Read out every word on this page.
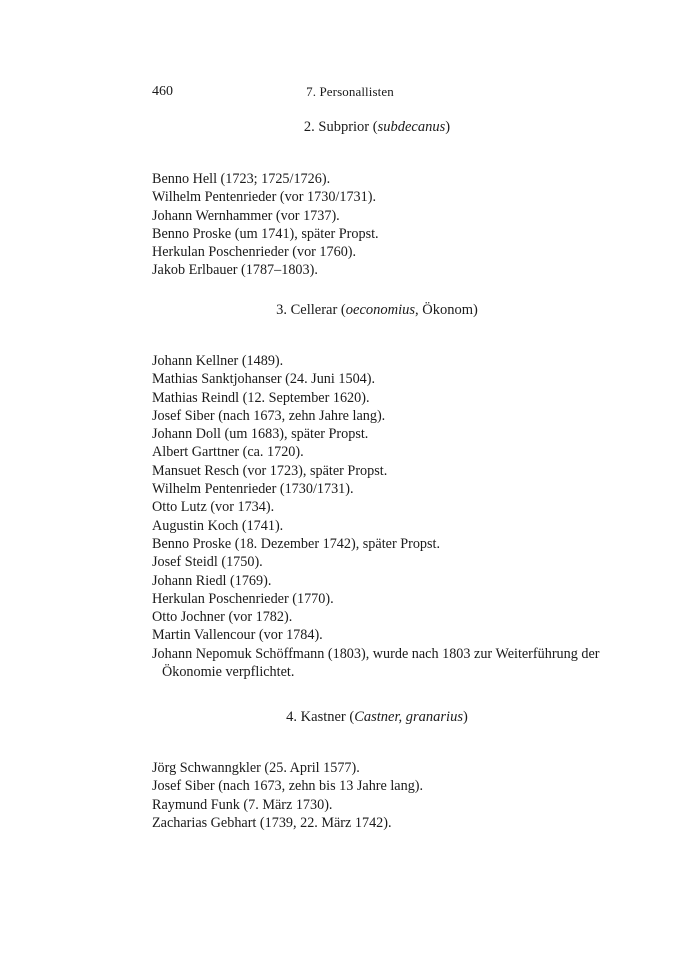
460	7. Personallisten
2. Subprior (subdecanus)
Benno Hell (1723; 1725/1726).
Wilhelm Pentenrieder (vor 1730/1731).
Johann Wernhammer (vor 1737).
Benno Proske (um 1741), später Propst.
Herkulan Poschenrieder (vor 1760).
Jakob Erlbauer (1787–1803).
3. Cellerar (oeconomius, Ökonom)
Johann Kellner (1489).
Mathias Sanktjohanser (24. Juni 1504).
Mathias Reindl (12. September 1620).
Josef Siber (nach 1673, zehn Jahre lang).
Johann Doll (um 1683), später Propst.
Albert Garttner (ca. 1720).
Mansuet Resch (vor 1723), später Propst.
Wilhelm Pentenrieder (1730/1731).
Otto Lutz (vor 1734).
Augustin Koch (1741).
Benno Proske (18. Dezember 1742), später Propst.
Josef Steidl (1750).
Johann Riedl (1769).
Herkulan Poschenrieder (1770).
Otto Jochner (vor 1782).
Martin Vallencour (vor 1784).
Johann Nepomuk Schöffmann (1803), wurde nach 1803 zur Weiterführung der Ökonomie verpflichtet.
4. Kastner (Castner, granarius)
Jörg Schwanngkler (25. April 1577).
Josef Siber (nach 1673, zehn bis 13 Jahre lang).
Raymund Funk (7. März 1730).
Zacharias Gebhart (1739, 22. März 1742).
